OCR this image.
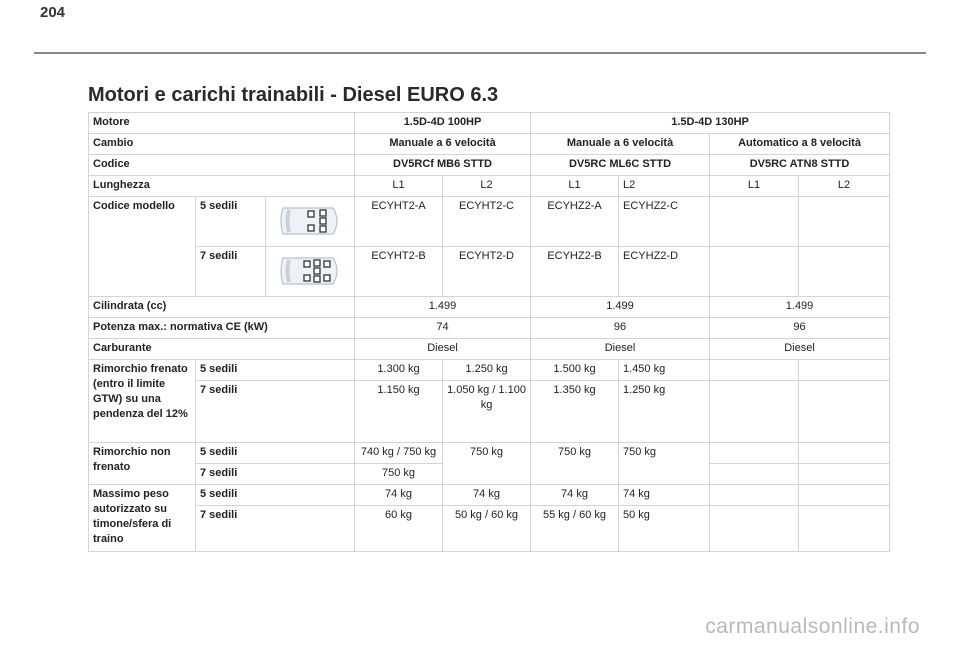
204
Motori e carichi trainabili - Diesel EURO 6.3
Motore			1.5D-4D 100HP		1.5D-4D 130HP			
Cambio			Manuale a 6 velocità		Manuale a 6 velocità		Automatico a 8 velocità	
Codice			DV5RCf MB6 STTD		DV5RC ML6C STTD		DV5RC ATN8 STTD	
Lunghezza			L1	L2	L1	L2	L1	L2
Codice modello	5 sedili		ECYHT2-A	ECYHT2-C	ECYHZ2-A	ECYHZ2-C		
	7 sedili		ECYHT2-B	ECYHT2-D	ECYHZ2-B	ECYHZ2-D		
Cilindrata (cc)			1.499		1.499		1.499	
Potenza max.: normativa CE (kW)			74		96		96	
Carburante			Diesel		Diesel		Diesel	
Rimorchio frenato (entro il limite GTW) su una pendenza del 12%	5 sedili		1.300 kg	1.250 kg	1.500 kg	1.450 kg		
	7 sedili		1.150 kg	1.050 kg / 1.100 kg	1.350 kg	1.250 kg		
Rimorchio non frenato	5 sedili		740 kg / 750 kg	750 kg	750 kg	750 kg		
	7 sedili		750 kg					
Massimo peso autorizzato su timone/sfera di traino	5 sedili		74 kg	74 kg	74 kg	74 kg		
	7 sedili		60 kg	50 kg / 60 kg	55 kg / 60 kg	50 kg		
carmanualsonline.info
